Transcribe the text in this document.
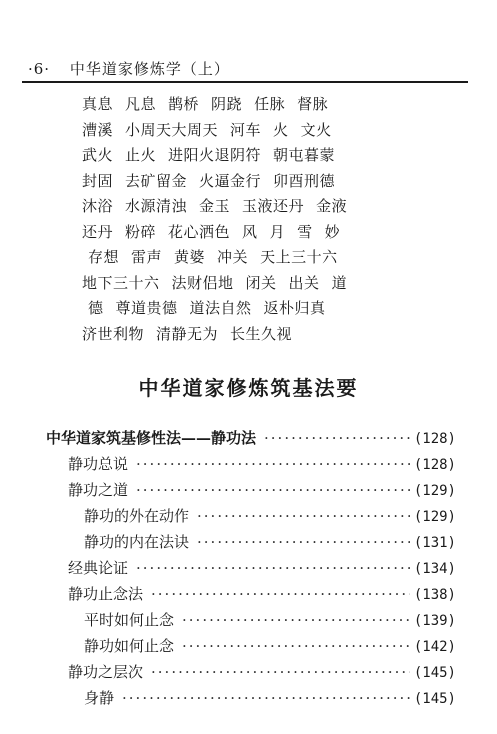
·6· 中华道家修炼学（上）
真息 凡息 鹊桥 阴跷 任脉 督脉
漕溪 小周天大周天 河车 火 文火
武火 止火 进阳火退阴符 朝屯暮蒙
封固 去矿留金 火逼金行 卯酉刑德
沐浴 水源清浊 金玉 玉液还丹 金液
还丹 粉碎 花心洒色 风 月 雪 妙
存想 雷声 黄婆 冲关 天上三十六
地下三十六 法财侣地 闭关 出关 道
德 尊道贵德 道法自然 返朴归真
济世利物 清静无为 长生久视
中华道家修炼筑基法要
中华道家筑基修性法——静功法 ·····	(128)
静功总说 ·····	(128)
静功之道 ·····	(129)
静功的外在动作 ·····	(129)
静功的内在法诀 ·····	(131)
经典论证 ·····	(134)
静功止念法 ·····	(138)
平时如何止念 ·····	(139)
静功如何止念 ·····	(142)
静功之层次 ·····	(145)
身静 ·····	(145)
